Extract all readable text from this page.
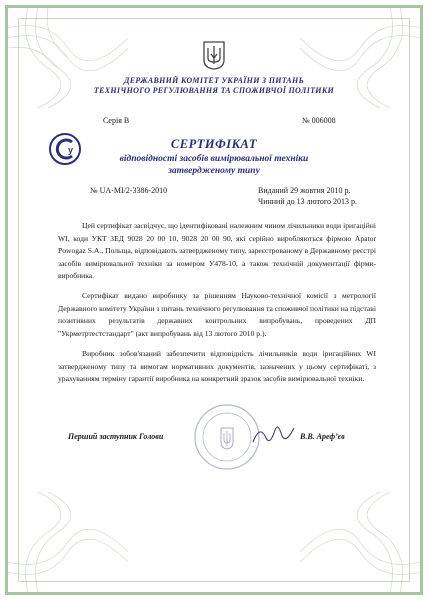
ДЕРЖАВНИЙ КОМІТЕТ УКРАЇНИ З ПИТАНЬ
ТЕХНІЧНОГО РЕГУЛЮВАННЯ ТА СПОЖИВЧОЇ ПОЛІТИКИ
Серія В	№ 006008
у	СЕРТИФІКАТ
відповідності засобів вимірювальної техніки
затвердженому типу
№ UA-MI/2-3386-2010	Виданий 29 жовтня 2010 р.
Чинний до 13 лютого 2013 р.
Цей сертифікат засвідчує, що ідентифіковані належним чином лічильники води іригаційні WI, коди УКТ ЗЕД 9028 20 00 10, 9028 20 00 90, які серійно виробляються фірмою Apator Powogaz S.A., Польща, відповідають затвердженому типу, зареєстрованому в Державному реєстрі засобів вимірювальної техніки за номером У478-10, а також технічній документації фірми-виробника.
Сертифікат видано виробнику за рішенням Науково-технічної комісії з метрології Державного комітету України з питань технічного регулювання та споживчої політики на підставі позитивних результатів державних контрольних випробувань, проведених ДП "Укрметртестстандарт" (акт випробувань від 13 лютого 2010 р.).
Виробник зобов'язаний забезпечити відповідність лічильників води іригаційних WI затвердженому типу та вимогам нормативних документів, зазначених у цьому сертифікаті, з урахуванням терміну гарантії виробника на конкретний зразок засобів вимірювальної техніки.
Перший заступник Голови	В.В. Арефʼєв
